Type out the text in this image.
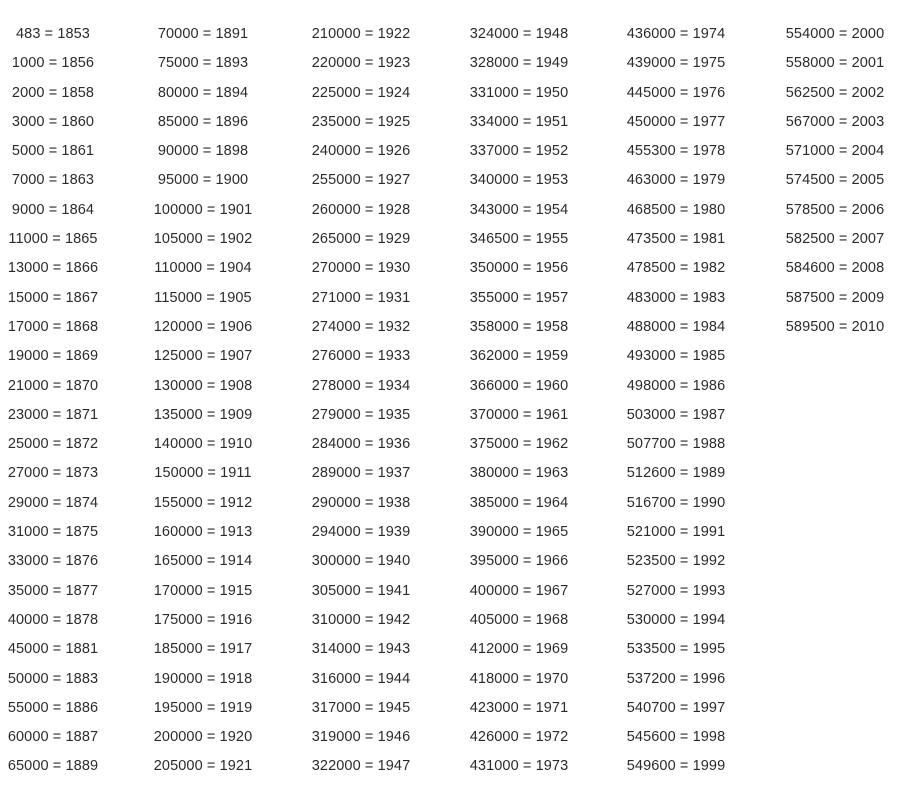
483 = 1853
1000 = 1856
2000 = 1858
3000 = 1860
5000 = 1861
7000 = 1863
9000 = 1864
11000 = 1865
13000 = 1866
15000 = 1867
17000 = 1868
19000 = 1869
21000 = 1870
23000 = 1871
25000 = 1872
27000 = 1873
29000 = 1874
31000 = 1875
33000 = 1876
35000 = 1877
40000 = 1878
45000 = 1881
50000 = 1883
55000 = 1886
60000 = 1887
65000 = 1889
70000 = 1891
75000 = 1893
80000 = 1894
85000 = 1896
90000 = 1898
95000 = 1900
100000 = 1901
105000 = 1902
110000 = 1904
115000 = 1905
120000 = 1906
125000 = 1907
130000 = 1908
135000 = 1909
140000 = 1910
150000 = 1911
155000 = 1912
160000 = 1913
165000 = 1914
170000 = 1915
175000 = 1916
185000 = 1917
190000 = 1918
195000 = 1919
200000 = 1920
205000 = 1921
210000 = 1922
220000 = 1923
225000 = 1924
235000 = 1925
240000 = 1926
255000 = 1927
260000 = 1928
265000 = 1929
270000 = 1930
271000 = 1931
274000 = 1932
276000 = 1933
278000 = 1934
279000 = 1935
284000 = 1936
289000 = 1937
290000 = 1938
294000 = 1939
300000 = 1940
305000 = 1941
310000 = 1942
314000 = 1943
316000 = 1944
317000 = 1945
319000 = 1946
322000 = 1947
324000 = 1948
328000 = 1949
331000 = 1950
334000 = 1951
337000 = 1952
340000 = 1953
343000 = 1954
346500 = 1955
350000 = 1956
355000 = 1957
358000 = 1958
362000 = 1959
366000 = 1960
370000 = 1961
375000 = 1962
380000 = 1963
385000 = 1964
390000 = 1965
395000 = 1966
400000 = 1967
405000 = 1968
412000 = 1969
418000 = 1970
423000 = 1971
426000 = 1972
431000 = 1973
436000 = 1974
439000 = 1975
445000 = 1976
450000 = 1977
455300 = 1978
463000 = 1979
468500 = 1980
473500 = 1981
478500 = 1982
483000 = 1983
488000 = 1984
493000 = 1985
498000 = 1986
503000 = 1987
507700 = 1988
512600 = 1989
516700 = 1990
521000 = 1991
523500 = 1992
527000 = 1993
530000 = 1994
533500 = 1995
537200 = 1996
540700 = 1997
545600 = 1998
549600 = 1999
554000 = 2000
558000 = 2001
562500 = 2002
567000 = 2003
571000 = 2004
574500 = 2005
578500 = 2006
582500 = 2007
584600 = 2008
587500 = 2009
589500 = 2010
